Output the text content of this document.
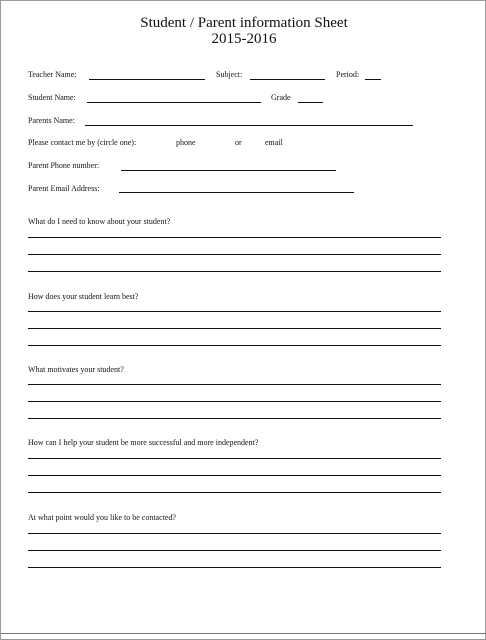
Student / Parent information Sheet
2015-2016
Teacher Name:	Subject:	Period:
Student Name:	Grade
Parents Name:
Please contact me by (circle one):	phone	or	email
Parent Phone number:
Parent Email Address:
What do I need to know about your student?
How does your student learn best?
What motivates your student?
How can I help your student be more successful and more independent?
At what point would you like to be contacted?
